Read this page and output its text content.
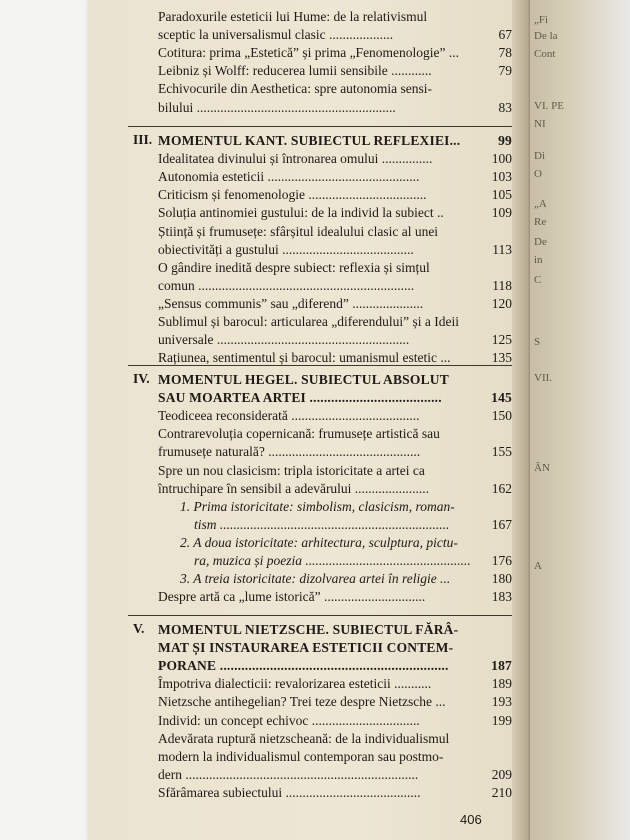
„Fi
De la
Cont
VI. PE
NI
Di
O
„A
Re
De
in
C
S
VII.
ÂN
A
Paradoxurile esteticii lui Hume: de la relativismul
sceptic la universalismul clasic ...................	67
Cotitura: prima „Estetică” și prima „Fenomenologie” ...	78
Leibniz și Wolff: reducerea lumii sensibile ............	79
Echivocurile din Aesthetica: spre autonomia sensi-
bilului ...........................................................	83
III. MOMENTUL KANT. SUBIECTUL REFLEXIEI...	99
Idealitatea divinului și întronarea omului ...............	100
Autonomia esteticii .............................................	103
Criticism și fenomenologie ...................................	105
Soluția antinomiei gustului: de la individ la subiect ..	109
Știință și frumusețe: sfârșitul idealului clasic al unei
obiectivități a gustului .......................................	113
O gândire inedită despre subiect: reflexia și simțul
comun ................................................................	118
„Sensus communis” sau „diferend” .....................	120
Sublimul și barocul: articularea „diferendului” și a Ideii
universale .........................................................	125
Rațiunea, sentimentul și barocul: umanismul estetic ...	135
IV. MOMENTUL HEGEL. SUBIECTUL ABSOLUT
SAU MOARTEA ARTEI .....................................	145
Teodiceea reconsiderată ......................................	150
Contrarevoluția copernicană: frumusețe artistică sau
frumusețe naturală? .............................................	155
Spre un nou clasicism: tripla istoricitate a artei ca
întruchipare în sensibil a adevărului ......................	162
1. Prima istoricitate: simbolism, clasicism, roman-
tism ....................................................................	167
2. A doua istoricitate: arhitectura, sculptura, pictu-
ra, muzica și poezia .................................................	176
3. A treia istoricitate: dizolvarea artei în religie ...	180
Despre artă ca „lume istorică” ..............................	183
V. MOMENTUL NIETZSCHE. SUBIECTUL FĂRÂ-
MAT ȘI INSTAURAREA ESTETICII CONTEM-
PORANE ................................................................	187
Împotriva dialecticii: revalorizarea esteticii ...........	189
Nietzsche antihegelian? Trei teze despre Nietzsche ...	193
Individ: un concept echivoc ................................	199
Adevărata ruptură nietzscheană: de la individualismul
modern la individualismul contemporan sau postmo-
dern .....................................................................	209
Sfărâmarea subiectului ........................................	210
406
